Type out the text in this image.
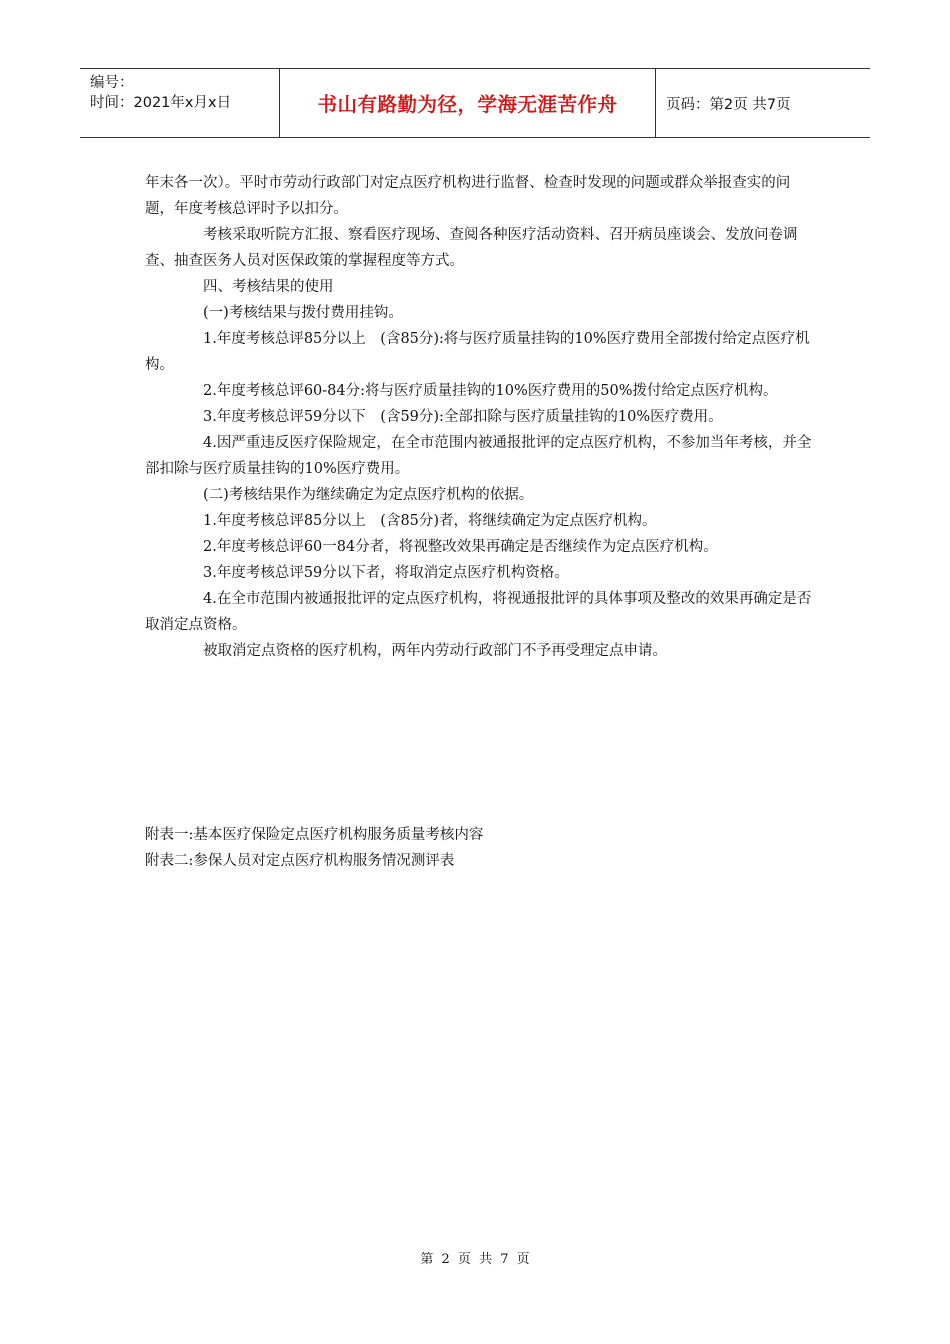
编号：
时间：2021年x月x日	书山有路勤为径，学海无涯苦作舟	页码：第2页 共7页

年末各一次）。平时市劳动行政部门对定点医疗机构进行监督、检查时发现的问题或群众举报查实的问题，年度考核总评时予以扣分。

考核采取听院方汇报、察看医疗现场、查阅各种医疗活动资料、召开病员座谈会、发放问卷调查、抽查医务人员对医保政策的掌握程度等方式。

四、考核结果的使用

(一)考核结果与拨付费用挂钩。

1.年度考核总评85分以上　(含85分):将与医疗质量挂钩的10%医疗费用全部拨付给定点医疗机构。

2.年度考核总评60-84分:将与医疗质量挂钩的10%医疗费用的50%拨付给定点医疗机构。

3.年度考核总评59分以下　(含59分):全部扣除与医疗质量挂钩的10%医疗费用。

4.因严重违反医疗保险规定，在全市范围内被通报批评的定点医疗机构，不参加当年考核，并全部扣除与医疗质量挂钩的10%医疗费用。

(二)考核结果作为继续确定为定点医疗机构的依据。

1.年度考核总评85分以上　(含85分)者，将继续确定为定点医疗机构。

2.年度考核总评60一84分者，将视整改效果再确定是否继续作为定点医疗机构。

3.年度考核总评59分以下者，将取消定点医疗机构资格。

4.在全市范围内被通报批评的定点医疗机构，将视通报批评的具体事项及整改的效果再确定是否取消定点资格。

被取消定点资格的医疗机构，两年内劳动行政部门不予再受理定点申请。

附表一:基本医疗保险定点医疗机构服务质量考核内容

附表二:参保人员对定点医疗机构服务情况测评表

第 2 页 共 7 页
